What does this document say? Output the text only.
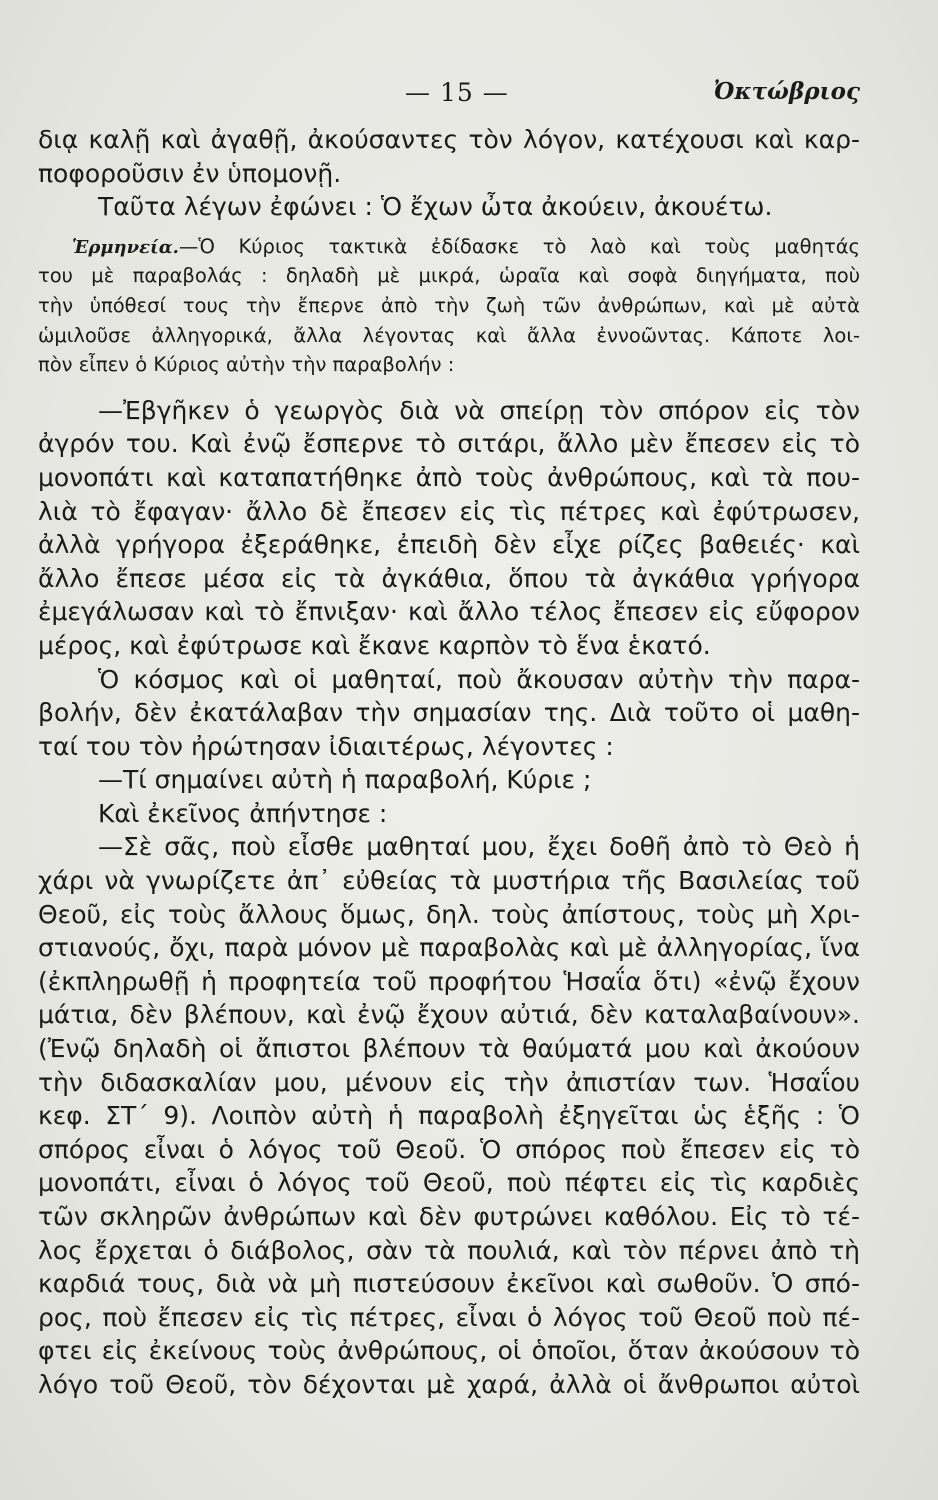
— 15 —	Ὀκτώβριος
διᾳ καλῇ καὶ ἀγαθῇ, ἀκούσαντες τὸν λόγον, κατέχουσι καὶ καρ-
ποφοροῦσιν ἐν ὑπομονῇ.
Ταῦτα λέγων ἐφώνει : Ὁ ἔχων ὦτα ἀκούειν, ἀκουέτω.
Ἑρμηνεία.—Ὁ Κύριος τακτικὰ ἐδίδασκε τὸ λαὸ καὶ τοὺς μαθητάς
του μὲ παραβολάς : δηλαδὴ μὲ μικρά, ὡραῖα καὶ σοφὰ διηγήματα, ποὺ
τὴν ὑπόθεσί τους τὴν ἔπερνε ἀπὸ τὴν ζωὴ τῶν ἀνθρώπων, καὶ μὲ αὐτὰ
ὡμιλοῦσε ἀλληγορικά, ἄλλα λέγοντας καὶ ἄλλα ἐννοῶντας. Κάποτε λοι-
πὸν εἶπεν ὁ Κύριος αὐτὴν τὴν παραβολήν :
—Ἐβγῆκεν ὁ γεωργὸς διὰ νὰ σπείρῃ τὸν σπόρον εἰς τὸν
ἀγρόν του. Καὶ ἐνῷ ἔσπερνε τὸ σιτάρι, ἄλλο μὲν ἔπεσεν εἰς τὸ
μονοπάτι καὶ καταπατήθηκε ἀπὸ τοὺς ἀνθρώπους, καὶ τὰ που-
λιὰ τὸ ἔφαγαν· ἄλλο δὲ ἔπεσεν εἰς τὶς πέτρες καὶ ἐφύτρωσεν,
ἀλλὰ γρήγορα ἐξεράθηκε, ἐπειδὴ δὲν εἶχε ρίζες βαθειές· καὶ
ἄλλο ἔπεσε μέσα εἰς τὰ ἀγκάθια, ὅπου τὰ ἀγκάθια γρήγορα
ἐμεγάλωσαν καὶ τὸ ἔπνιξαν· καὶ ἄλλο τέλος ἔπεσεν εἰς εὔφορον
μέρος, καὶ ἐφύτρωσε καὶ ἔκανε καρπὸν τὸ ἕνα ἑκατό.
Ὁ κόσμος καὶ οἱ μαθηταί, ποὺ ἄκουσαν αὐτὴν τὴν παρα-
βολήν, δὲν ἐκατάλαβαν τὴν σημασίαν της. Διὰ τοῦτο οἱ μαθη-
ταί του τὸν ἠρώτησαν ἰδιαιτέρως, λέγοντες :
—Τί σημαίνει αὐτὴ ἡ παραβολή, Κύριε ;
Καὶ ἐκεῖνος ἀπήντησε :
—Σὲ σᾶς, ποὺ εἶσθε μαθηταί μου, ἔχει δοθῆ ἀπὸ τὸ Θεὸ ἡ
χάρι νὰ γνωρίζετε ἀπ᾽ εὐθείας τὰ μυστήρια τῆς Βασιλείας τοῦ
Θεοῦ, εἰς τοὺς ἄλλους ὅμως, δηλ. τοὺς ἀπίστους, τοὺς μὴ Χρι-
στιανούς, ὄχι, παρὰ μόνον μὲ παραβολὰς καὶ μὲ ἀλληγορίας, ἵνα
(ἐκπληρωθῇ ἡ προφητεία τοῦ προφήτου Ἡσαΐα ὅτι) «ἐνῷ ἔχουν
μάτια, δὲν βλέπουν, καὶ ἐνῷ ἔχουν αὐτιά, δὲν καταλαβαίνουν».
(Ἐνῷ δηλαδὴ οἱ ἄπιστοι βλέπουν τὰ θαύματά μου καὶ ἀκούουν
τὴν διδασκαλίαν μου, μένουν εἰς τὴν ἀπιστίαν των. Ἡσαΐου
κεφ. ΣΤ΄ 9). Λοιπὸν αὐτὴ ἡ παραβολὴ ἐξηγεῖται ὡς ἑξῆς : Ὁ
σπόρος εἶναι ὁ λόγος τοῦ Θεοῦ. Ὁ σπόρος ποὺ ἔπεσεν εἰς τὸ
μονοπάτι, εἶναι ὁ λόγος τοῦ Θεοῦ, ποὺ πέφτει εἰς τὶς καρδιὲς
τῶν σκληρῶν ἀνθρώπων καὶ δὲν φυτρώνει καθόλου. Εἰς τὸ τέ-
λος ἔρχεται ὁ διάβολος, σὰν τὰ πουλιά, καὶ τὸν πέρνει ἀπὸ τὴ
καρδιά τους, διὰ νὰ μὴ πιστεύσουν ἐκεῖνοι καὶ σωθοῦν. Ὁ σπό-
ρος, ποὺ ἔπεσεν εἰς τὶς πέτρες, εἶναι ὁ λόγος τοῦ Θεοῦ ποὺ πέ-
φτει εἰς ἐκείνους τοὺς ἀνθρώπους, οἱ ὁποῖοι, ὅταν ἀκούσουν τὸ
λόγο τοῦ Θεοῦ, τὸν δέχονται μὲ χαρά, ἀλλὰ οἱ ἄνθρωποι αὐτοὶ
